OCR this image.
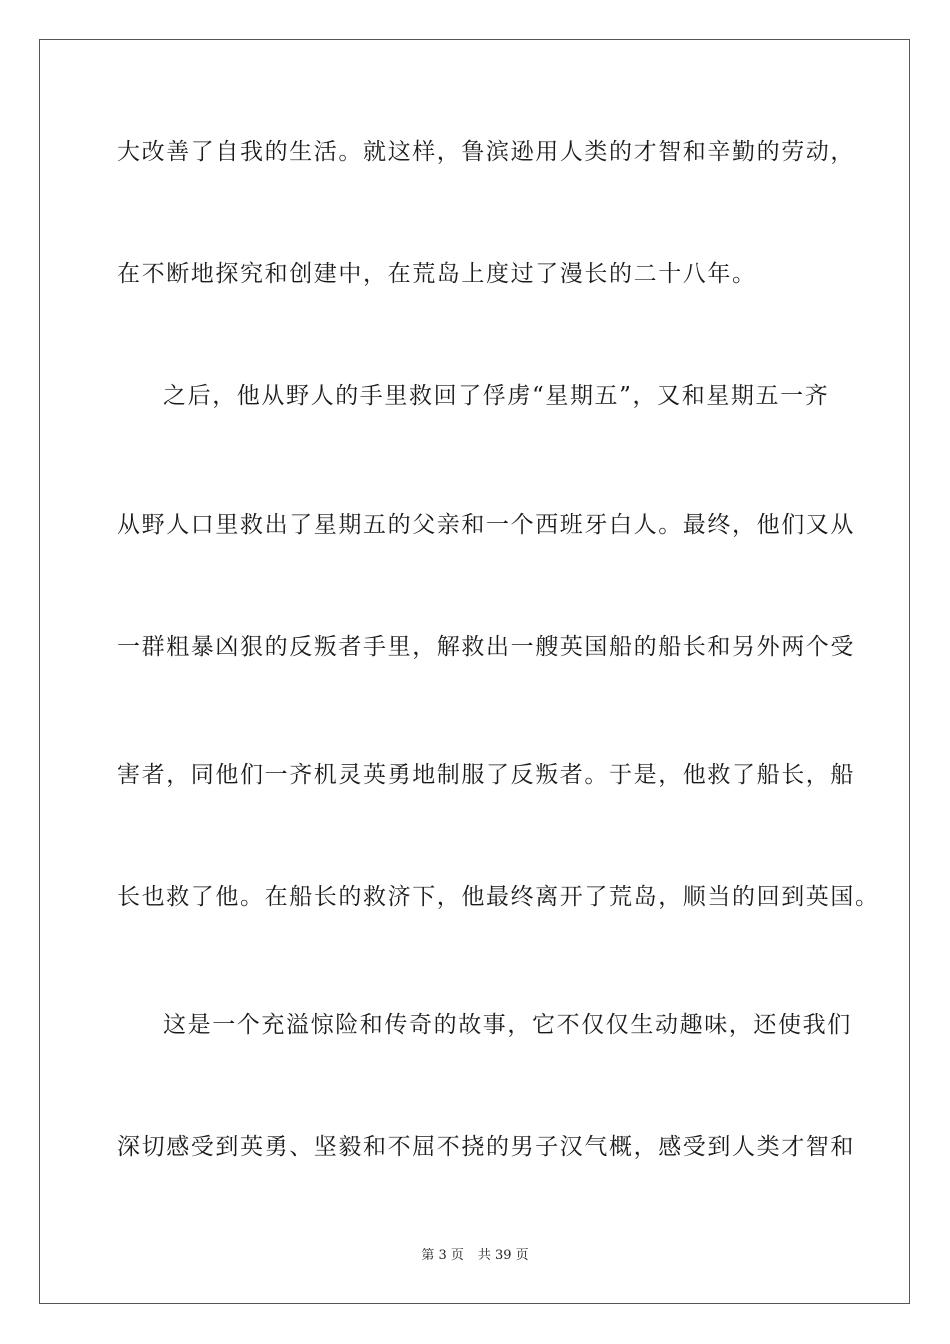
大改善了自我的生活。就这样，鲁滨逊用人类的才智和辛勤的劳动，
在不断地探究和创建中，在荒岛上度过了漫长的二十八年。
之后，他从野人的手里救回了俘虏“星期五”，又和星期五一齐
从野人口里救出了星期五的父亲和一个西班牙白人。最终，他们又从
一群粗暴凶狠的反叛者手里，解救出一艘英国船的船长和另外两个受
害者，同他们一齐机灵英勇地制服了反叛者。于是，他救了船长，船
长也救了他。在船长的救济下，他最终离开了荒岛，顺当的回到英国。
这是一个充溢惊险和传奇的故事，它不仅仅生动趣味，还使我们
深切感受到英勇、坚毅和不屈不挠的男子汉气概，感受到人类才智和
第 3 页 共 39 页
